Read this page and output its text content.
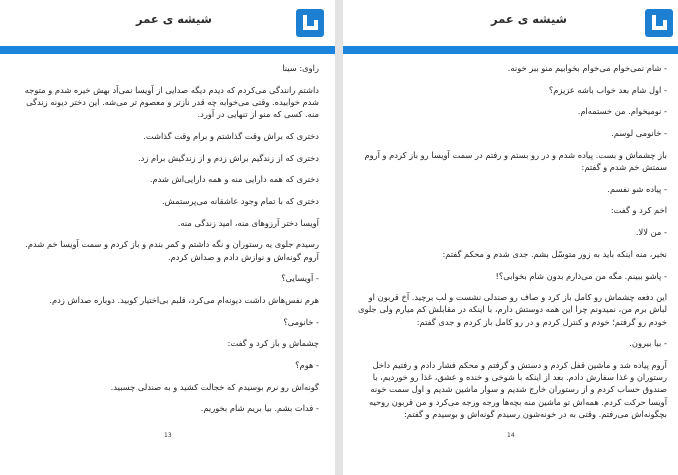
شیشه ی عمر

راوی: سینا

داشتم رانندگی می‌کردم که دیدم دیگه صدایی از آویسا نمی‌آد بهش خیره شدم و متوجه شدم خوابیده. وقتی می‌خوابه چه قدر نازتر و معصوم تر می‌شه. این دختر دیونه زندگی منه. کسی که منو از تنهایی در آورد.

دختری که براش وقت گذاشتم و برام وقت گذاشت.

دختری که از زندگیم براش زدم و از زندگیش برام زد.

دختری که همه دارایی منه و همه دارایی‌اش شدم.

دختری که با تمام وجود عاشقانه می‌پرستمش.

آویسا دختر آرزوهای منه، امید زندگی منه.

رسیدم جلوی یه رستوران و نگه داشتم و کمر بندم و باز کردم و سمت آویسا خم شدم. آروم گونه‌اش و نوازش دادم و صداش کردم.

- آویسایی؟

هرم نفس‌هاش داشت دیونه‌ام می‌کرد، قلبم بی‌اختیار کوبید. دوباره صداش زدم.

- خانومی؟

چشماش و باز کرد و گفت:

- هوم؟

گونه‌اش رو نرم بوسیدم که خجالت کشید و به صندلی چسبید.

- فدات بشم. بیا بریم شام بخوریم.

13
شیشه ی عمر

- شام نمی‌خوام می‌خوام بخوابیم منو ببر خونه.

- اول شام بعد خواب باشه عزیزم؟

- نومیخوام. من خستمه‌ام.

- خانومی لوسم.

باز چشماش و بست. پیاده شدم و در رو بستم و رفتم در سمت آویسا رو باز کردم و آروم سمتش خم شدم و گفتم:

- پیاده شو نفسم.

اخم کرد و گفت:

- من لالا.

نخیر، منه اینکه باید به زور متوسّل بشم. جدی شدم و محکم گفتم:

- پاشو ببینم. مگه من می‌ذارم بدون شام بخوابی؟!

این دفعه چشماش رو کامل باز کرد و صاف رو صندلی نشست و لب برچید. آخ قربون او لباش برم من، نمیدونم چرا این همه دوستش دارم، با اینکه در مقابلش کم میارم ولی جلوی خودم رو گرفتم؛ خودم و کنترل کردم و در رو کامل باز کردم و جدی گفتم:

- بیا بیرون.

آروم پیاده شد و ماشین قفل کردم و دستش و گرفتم و محکم فشار دادم و رفتیم داخل رستوران و غذا سفارش دادم. بعد از اینکه با شوخی و خنده و عشق، غذا رو خوردیم، با صندوق حساب کردم و از رستوران خارج شدیم و سوار ماشین شدیم و اول سمت خونه آویسا حرکت کردم. همه‌اش تو ماشین منه بچه‌ها ورجه ورجه می‌کرد و من قربون روحیه بچگونه‌اش می‌رفتم. وقتی به در خونه‌شون رسیدم گونه‌اش و بوسیدم و گفتم:

14
